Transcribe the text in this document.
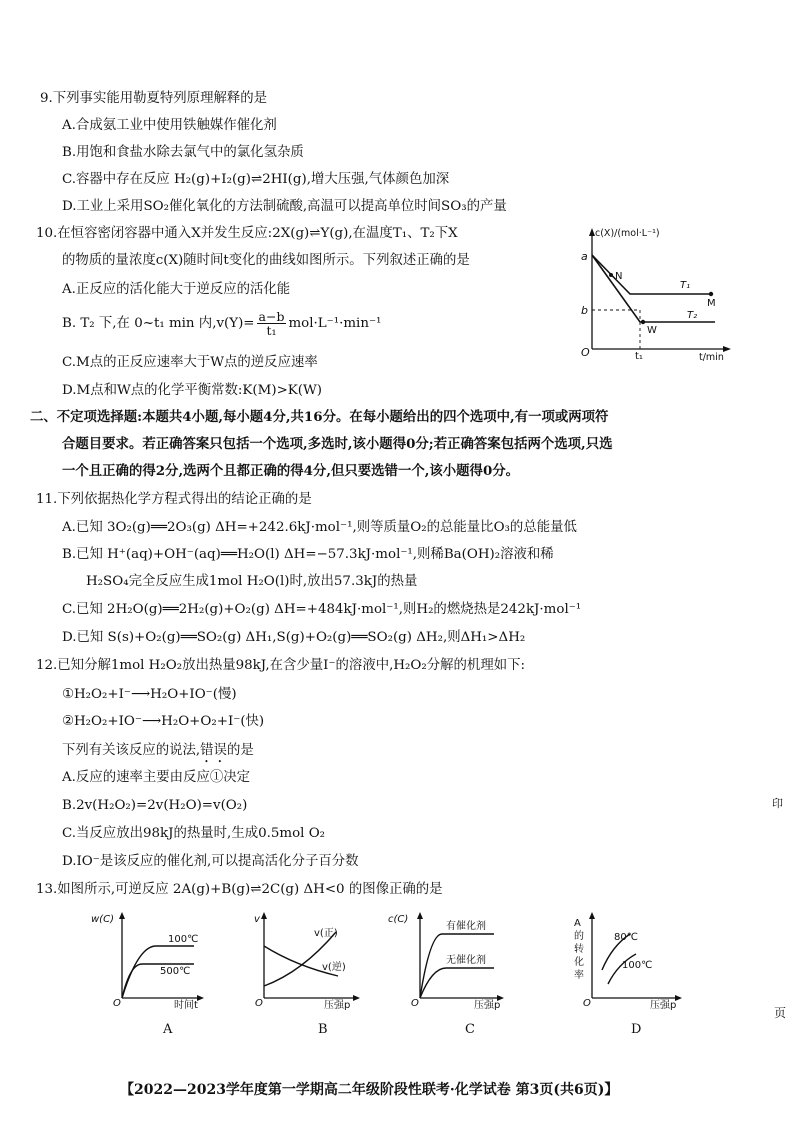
9.下列事实能用勒夏特列原理解释的是
A.合成氨工业中使用铁触媒作催化剂
B.用饱和食盐水除去氯气中的氯化氢杂质
C.容器中存在反应 H₂(g)+I₂(g)⇌2HI(g),增大压强,气体颜色加深
D.工业上采用SO₂催化氧化的方法制硫酸,高温可以提高单位时间SO₃的产量
10.在恒容密闭容器中通入X并发生反应:2X(g)⇌Y(g),在温度T₁、T₂下X
的物质的量浓度c(X)随时间t变化的曲线如图所示。下列叙述正确的是
A.正反应的活化能大于逆反应的活化能
B. T₂ 下,在 0~t₁ min 内$,v(Y)= \frac{a-b}{\text{t₁}} mol\cdot L^{-1}\cdot\min^{-1}$
C.M点的正反应速率大于W点的逆反应速率
D.M点和W点的化学平衡常数:K(M)>K(W)
c(X)/(mol·L⁻¹)
t/min
O
a
b
t₁
N
M
W
T₁
T₂
二、不定项选择题:本题共4小题,每小题4分,共16分。在每小题给出的四个选项中,有一项或两项符
合题目要求。若正确答案只包括一个选项,多选时,该小题得0分;若正确答案包括两个选项,只选
一个且正确的得2分,选两个且都正确的得4分,但只要选错一个,该小题得0分。
11.下列依据热化学方程式得出的结论正确的是
A.已知 3O₂(g)══2O₃(g) ΔH=+242.6kJ·mol⁻¹,则等质量O₂的总能量比O₃的总能量低
B.已知 H⁺(aq)+OH⁻(aq)══H₂O(l) ΔH=−57.3kJ·mol⁻¹,则稀Ba(OH)₂溶液和稀
H₂SO₄完全反应生成1mol H₂O(l)时,放出57.3kJ的热量
C.已知 2H₂O(g)══2H₂(g)+O₂(g) ΔH=+484kJ·mol⁻¹,则H₂的燃烧热是242kJ·mol⁻¹
D.已知 S(s)+O₂(g)══SO₂(g) ΔH₁,S(g)+O₂(g)══SO₂(g) ΔH₂,则ΔH₁>ΔH₂
12.已知分解1mol H₂O₂放出热量98kJ,在含少量I⁻的溶液中,H₂O₂分解的机理如下:
①H₂O₂+I⁻⟶H₂O+IO⁻(慢)
②H₂O₂+IO⁻⟶H₂O+O₂+I⁻(快)
下列有关该反应的说法,错误的是
A.反应的速率主要由反应①决定
B.2v(H₂O₂)=2v(H₂O)=v(O₂)
C.当反应放出98kJ的热量时,生成0.5mol O₂
D.IO⁻是该反应的催化剂,可以提高活化分子百分数
13.如图所示,可逆反应 2A(g)+B(g)⇌2C(g) ΔH<0 的图像正确的是
w(C)
时间t
O
100℃
500℃
A
v
压强p
O
v(正)
v(逆)
B
c(C)
压强p
O
有催化剂
无催化剂
C
A
的
转
化
率
压强p
O
80℃
100℃
D
印
页
【2022—2023学年度第一学期高二年级阶段性联考·化学试卷 第3页(共6页)】
